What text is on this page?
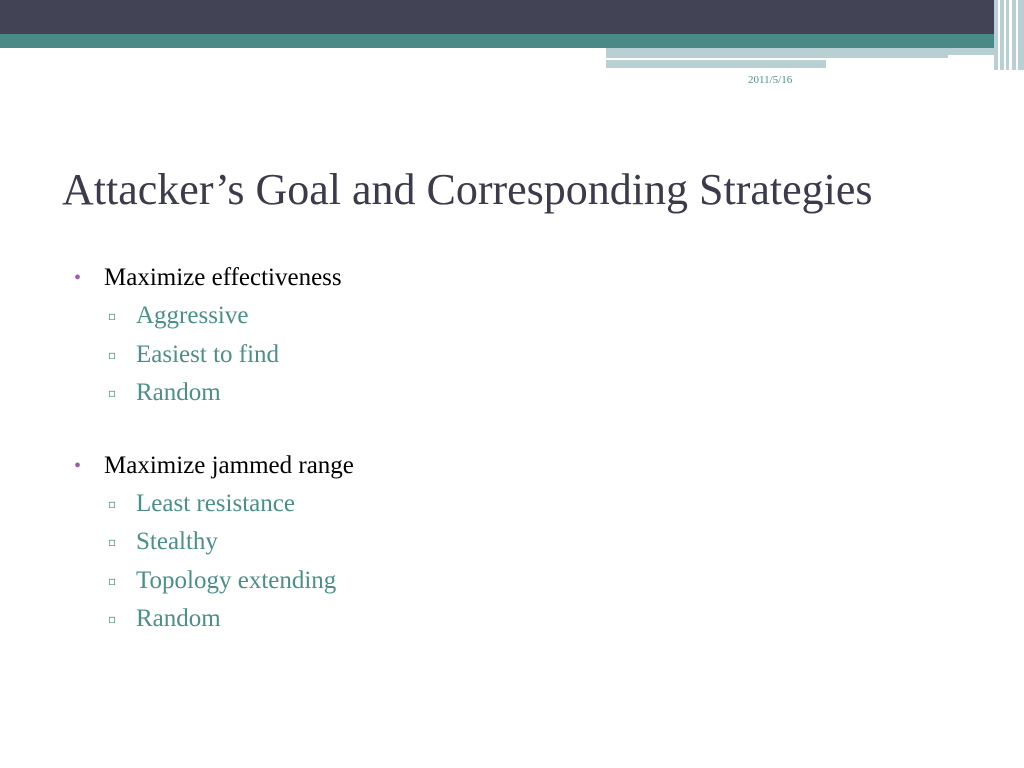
2011/5/16
Attacker’s Goal and Corresponding Strategies
• Maximize effectiveness
▫ Aggressive
▫ Easiest to find
▫ Random
• Maximize jammed range
▫ Least resistance
▫ Stealthy
▫ Topology extending
▫ Random
